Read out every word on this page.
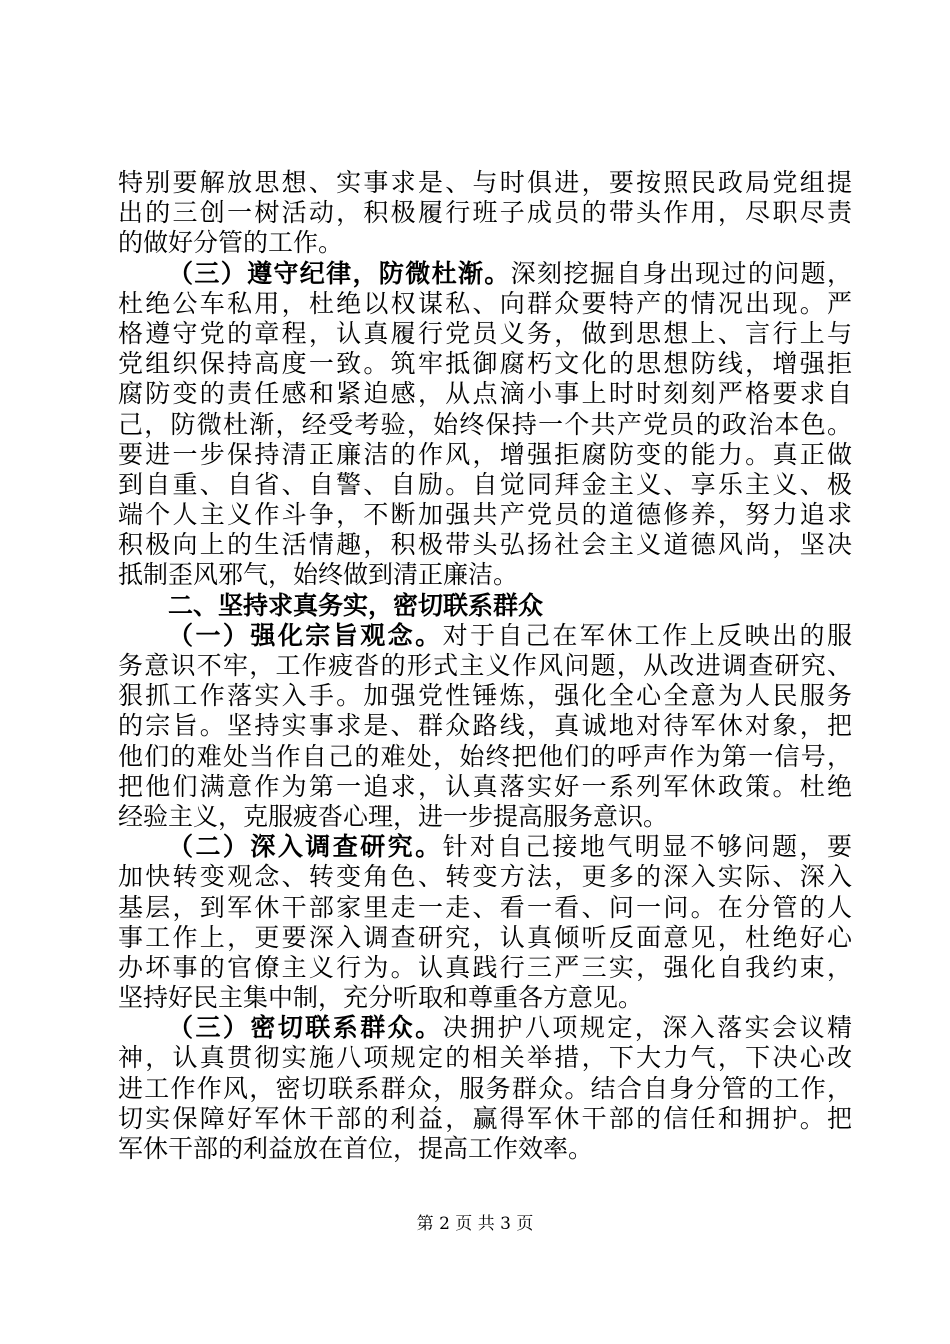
特别要解放思想、实事求是、与时俱进，要按照民政局党组提
出的三创一树活动，积极履行班子成员的带头作用，尽职尽责
的做好分管的工作。
（三）遵守纪律，防微杜渐。深刻挖掘自身出现过的问题，
杜绝公车私用，杜绝以权谋私、向群众要特产的情况出现。严
格遵守党的章程，认真履行党员义务，做到思想上、言行上与
党组织保持高度一致。筑牢抵御腐朽文化的思想防线，增强拒
腐防变的责任感和紧迫感，从点滴小事上时时刻刻严格要求自
己，防微杜渐，经受考验，始终保持一个共产党员的政治本色。
要进一步保持清正廉洁的作风，增强拒腐防变的能力。真正做
到自重、自省、自警、自励。自觉同拜金主义、享乐主义、极
端个人主义作斗争，不断加强共产党员的道德修养，努力追求
积极向上的生活情趣，积极带头弘扬社会主义道德风尚，坚决
抵制歪风邪气，始终做到清正廉洁。
二、坚持求真务实，密切联系群众
（一）强化宗旨观念。对于自己在军休工作上反映出的服
务意识不牢，工作疲沓的形式主义作风问题，从改进调查研究、
狠抓工作落实入手。加强党性锤炼，强化全心全意为人民服务
的宗旨。坚持实事求是、群众路线，真诚地对待军休对象，把
他们的难处当作自己的难处，始终把他们的呼声作为第一信号，
把他们满意作为第一追求，认真落实好一系列军休政策。杜绝
经验主义，克服疲沓心理，进一步提高服务意识。
（二）深入调查研究。针对自己接地气明显不够问题，要
加快转变观念、转变角色、转变方法，更多的深入实际、深入
基层，到军休干部家里走一走、看一看、问一问。在分管的人
事工作上，更要深入调查研究，认真倾听反面意见，杜绝好心
办坏事的官僚主义行为。认真践行三严三实，强化自我约束，
坚持好民主集中制，充分听取和尊重各方意见。
（三）密切联系群众。决拥护八项规定，深入落实会议精
神，认真贯彻实施八项规定的相关举措，下大力气，下决心改
进工作作风，密切联系群众，服务群众。结合自身分管的工作，
切实保障好军休干部的利益，赢得军休干部的信任和拥护。把
军休干部的利益放在首位，提高工作效率。
第 2 页 共 3 页
